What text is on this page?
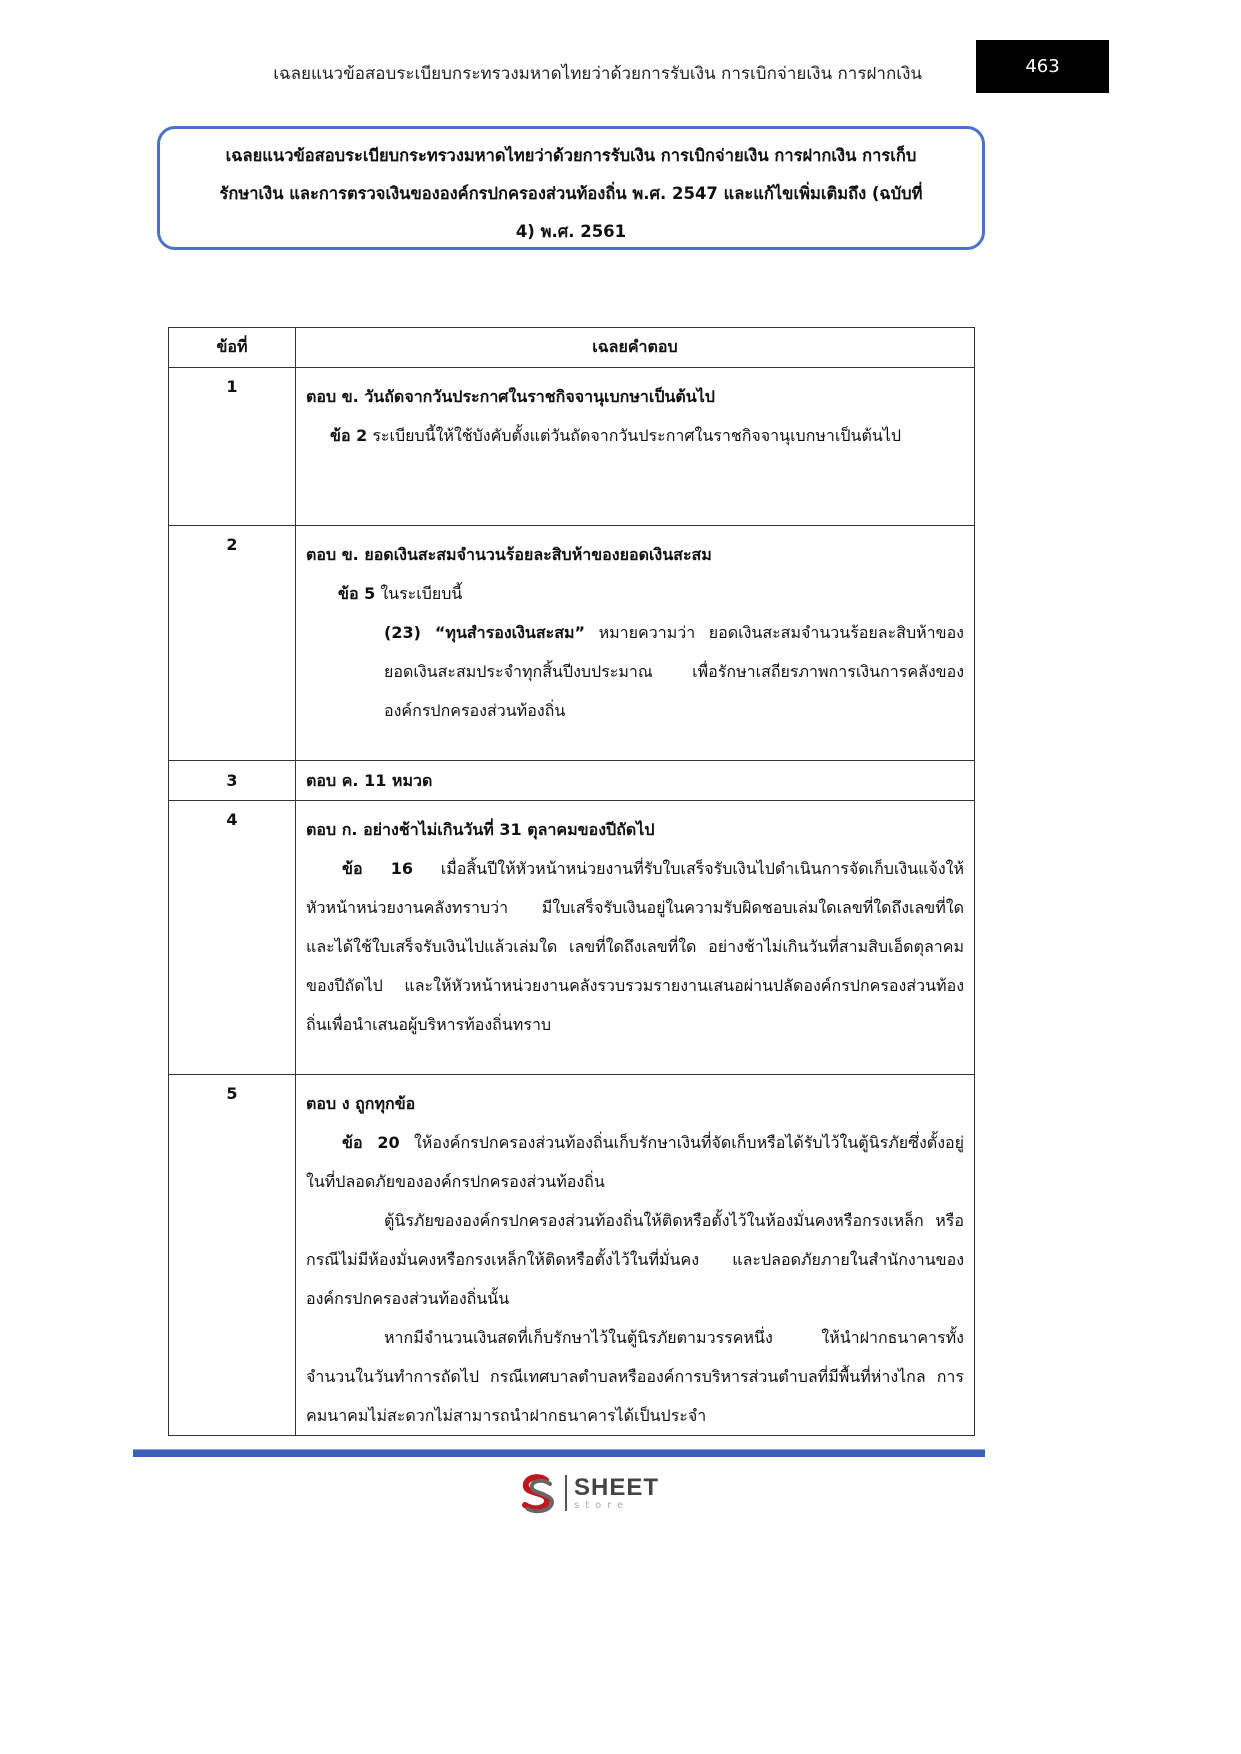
เฉลยแนวข้อสอบระเบียบกระทรวงมหาดไทยว่าด้วยการรับเงิน การเบิกจ่ายเงิน การฝากเงิน	463
เฉลยแนวข้อสอบระเบียบกระทรวงมหาดไทยว่าด้วยการรับเงิน การเบิกจ่ายเงิน การฝากเงิน การเก็บ
รักษาเงิน และการตรวจเงินขององค์กรปกครองส่วนท้องถิ่น พ.ศ. 2547 และแก้ไขเพิ่มเติมถึง (ฉบับที่
4) พ.ศ. 2561
ข้อที่	เฉลยคำตอบ
1	ตอบ ข. วันถัดจากวันประกาศในราชกิจจานุเบกษาเป็นต้นไป
ข้อ 2 ระเบียบนี้ให้ใช้บังคับตั้งแต่วันถัดจากวันประกาศในราชกิจจานุเบกษาเป็นต้นไป

2	ตอบ ข. ยอดเงินสะสมจำนวนร้อยละสิบห้าของยอดเงินสะสม
ข้อ 5 ในระเบียบนี้
(23) “ทุนสำรองเงินสะสม” หมายความว่า ยอดเงินสะสมจำนวนร้อยละสิบห้าของยอดเงินสะสมประจำทุกสิ้นปีงบประมาณ เพื่อรักษาเสถียรภาพการเงินการคลังขององค์กรปกครองส่วนท้องถิ่น

3	ตอบ ค. 11 หมวด

4	ตอบ ก. อย่างช้าไม่เกินวันที่ 31 ตุลาคมของปีถัดไป
ข้อ 16 เมื่อสิ้นปีให้หัวหน้าหน่วยงานที่รับใบเสร็จรับเงินไปดำเนินการจัดเก็บเงินแจ้งให้หัวหน้าหน่วยงานคลังทราบว่า มีใบเสร็จรับเงินอยู่ในความรับผิดชอบเล่มใดเลขที่ใดถึงเลขที่ใดและได้ใช้ใบเสร็จรับเงินไปแล้วเล่มใด เลขที่ใดถึงเลขที่ใด อย่างช้าไม่เกินวันที่สามสิบเอ็ดตุลาคมของปีถัดไป และให้หัวหน้าหน่วยงานคลังรวบรวมรายงานเสนอผ่านปลัดองค์กรปกครองส่วนท้องถิ่นเพื่อนำเสนอผู้บริหารท้องถิ่นทราบ

5	ตอบ ง ถูกทุกข้อ
ข้อ 20 ให้องค์กรปกครองส่วนท้องถิ่นเก็บรักษาเงินที่จัดเก็บหรือได้รับไว้ในตู้นิรภัยซึ่งตั้งอยู่ในที่ปลอดภัยขององค์กรปกครองส่วนท้องถิ่น
ตู้นิรภัยขององค์กรปกครองส่วนท้องถิ่นให้ติดหรือตั้งไว้ในห้องมั่นคงหรือกรงเหล็ก หรือกรณีไม่มีห้องมั่นคงหรือกรงเหล็กให้ติดหรือตั้งไว้ในที่มั่นคง และปลอดภัยภายในสำนักงานขององค์กรปกครองส่วนท้องถิ่นนั้น
หากมีจำนวนเงินสดที่เก็บรักษาไว้ในตู้นิรภัยตามวรรคหนึ่ง ให้นำฝากธนาคารทั้งจำนวนในวันทำการถัดไป กรณีเทศบาลตำบลหรือองค์การบริหารส่วนตำบลที่มีพื้นที่ห่างไกล การคมนาคมไม่สะดวกไม่สามารถนำฝากธนาคารได้เป็นประจำ
SHEET
store
